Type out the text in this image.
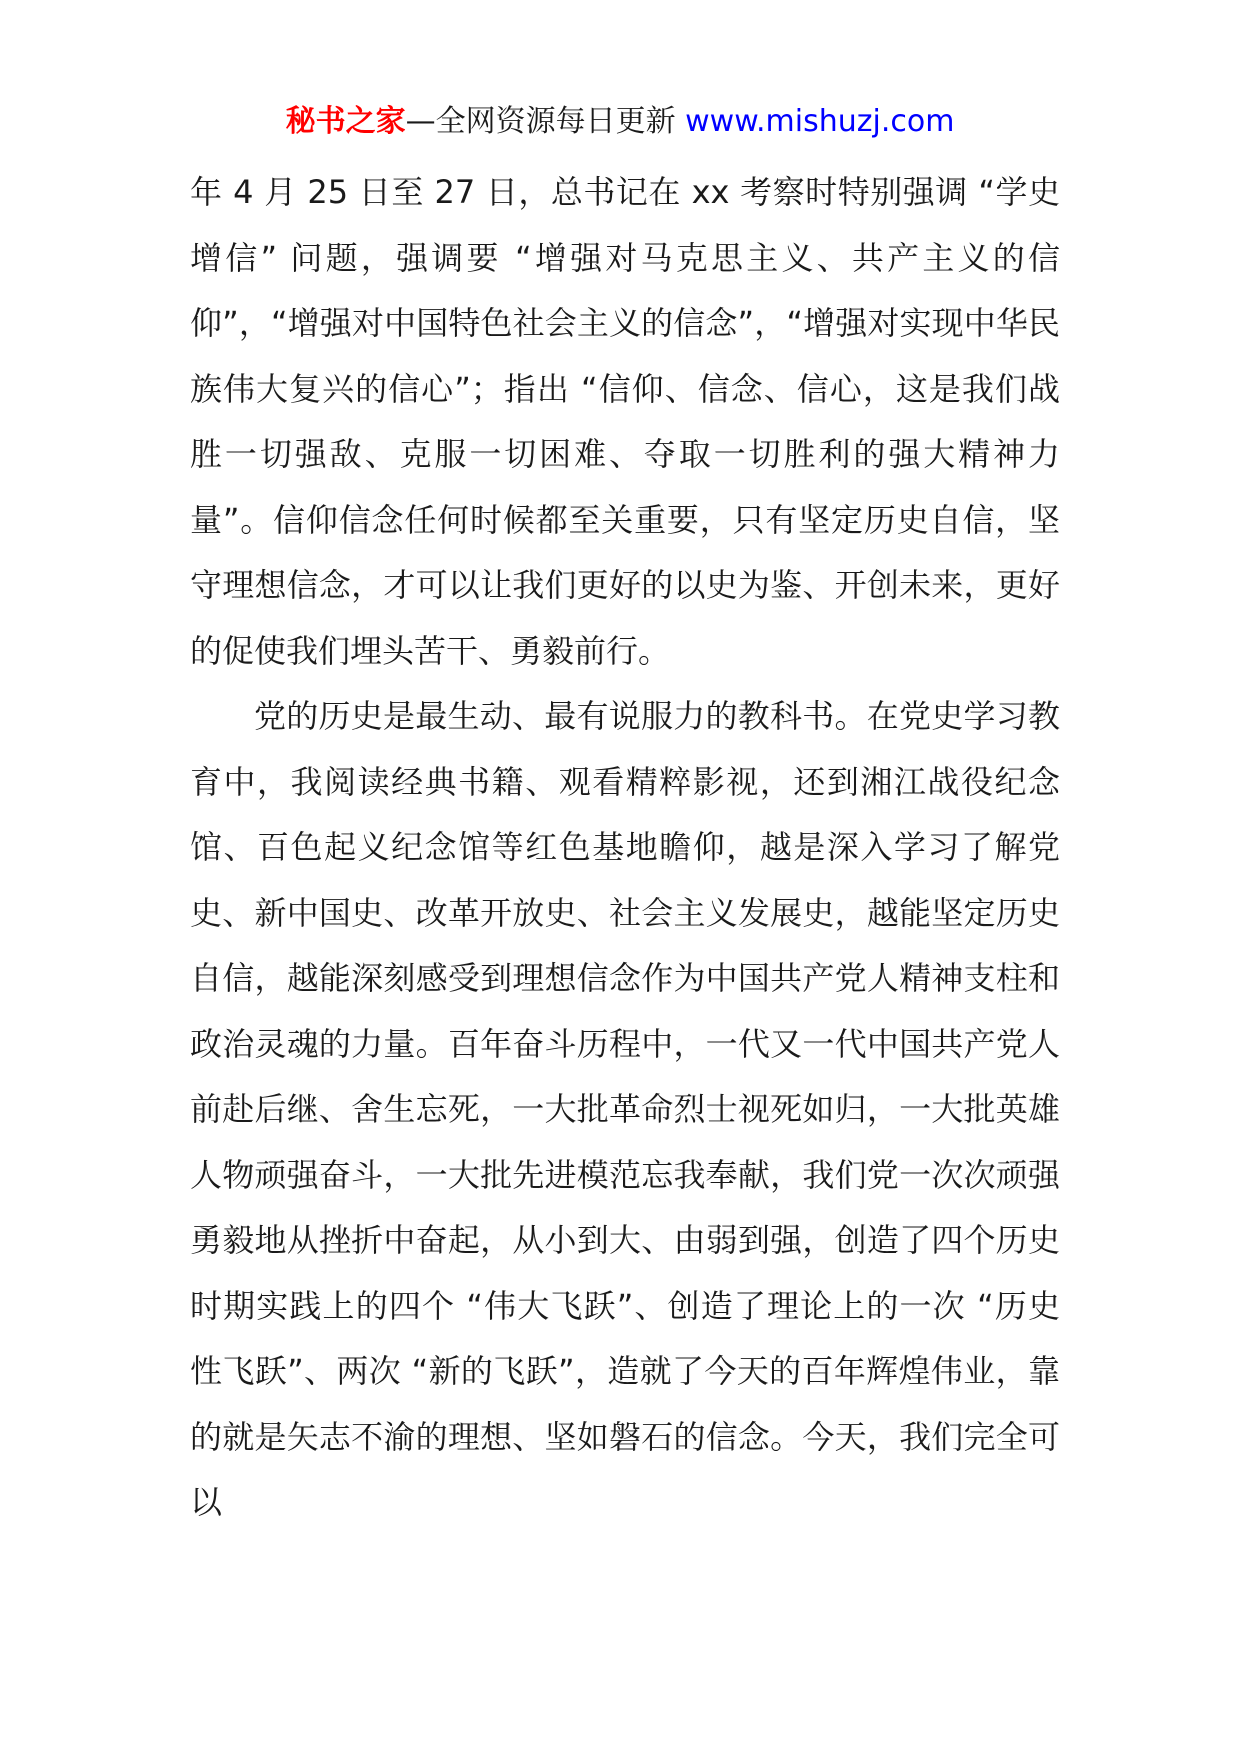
秘书之家—全网资源每日更新 www.mishuzj.com

年 4 月 25 日至 27 日，总书记在 xx 考察时特别强调 “学史增信” 问题，强调要 “增强对马克思主义、共产主义的信仰”，“增强对中国特色社会主义的信念”，“增强对实现中华民族伟大复兴的信心”；指出 “信仰、信念、信心，这是我们战胜一切强敌、克服一切困难、夺取一切胜利的强大精神力量”。信仰信念任何时候都至关重要，只有坚定历史自信，坚守理想信念，才可以让我们更好的以史为鉴、开创未来，更好的促使我们埋头苦干、勇毅前行。

党的历史是最生动、最有说服力的教科书。在党史学习教育中，我阅读经典书籍、观看精粹影视，还到湘江战役纪念馆、百色起义纪念馆等红色基地瞻仰，越是深入学习了解党史、新中国史、改革开放史、社会主义发展史，越能坚定历史自信，越能深刻感受到理想信念作为中国共产党人精神支柱和政治灵魂的力量。百年奋斗历程中，一代又一代中国共产党人前赴后继、舍生忘死，一大批革命烈士视死如归，一大批英雄人物顽强奋斗，一大批先进模范忘我奉献，我们党一次次顽强勇毅地从挫折中奋起，从小到大、由弱到强，创造了四个历史时期实践上的四个 “伟大飞跃”、创造了理论上的一次 “历史性飞跃”、两次 “新的飞跃”，造就了今天的百年辉煌伟业，靠的就是矢志不渝的理想、坚如磐石的信念。今天，我们完全可以
